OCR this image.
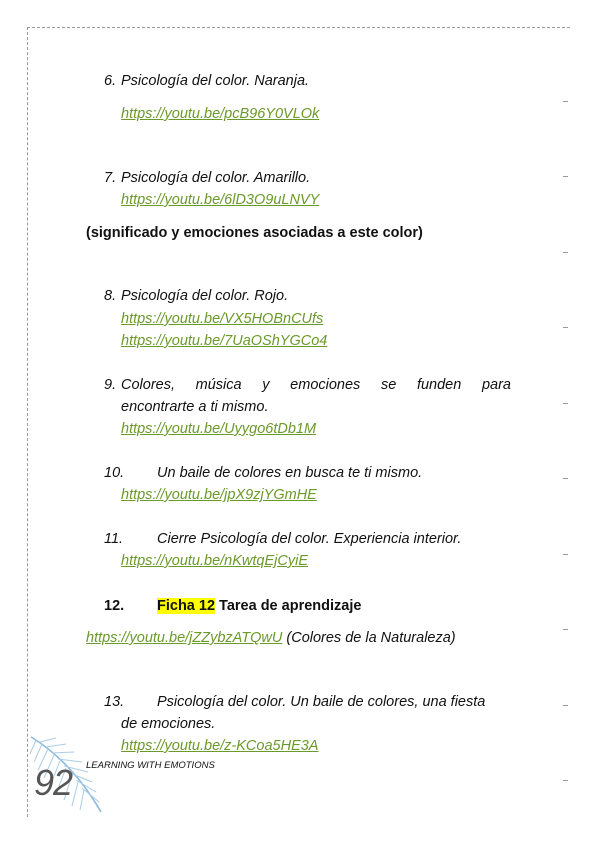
6. Psicología del color. Naranja.
https://youtu.be/pcB96Y0VLOk
7. Psicología del color. Amarillo.
https://youtu.be/6lD3O9uLNVY
(significado y emociones asociadas a este color)
8. Psicología del color. Rojo.
https://youtu.be/VX5HOBnCUfs
https://youtu.be/7UaOShYGCo4
9. Colores, música y emociones se funden para
encontrarte a ti mismo.
https://youtu.be/Uyygo6tDb1M
10. Un baile de colores en busca te ti mismo.
https://youtu.be/jpX9zjYGmHE
11. Cierre Psicología del color. Experiencia interior.
https://youtu.be/nKwtqEjCyiE
12. Ficha 12 Tarea de aprendizaje
https://youtu.be/jZZybzATQwU (Colores de la Naturaleza)
13. Psicología del color. Un baile de colores, una fiesta
de emociones.
https://youtu.be/z-KCoa5HE3A
92 LEARNING WITH EMOTIONS
